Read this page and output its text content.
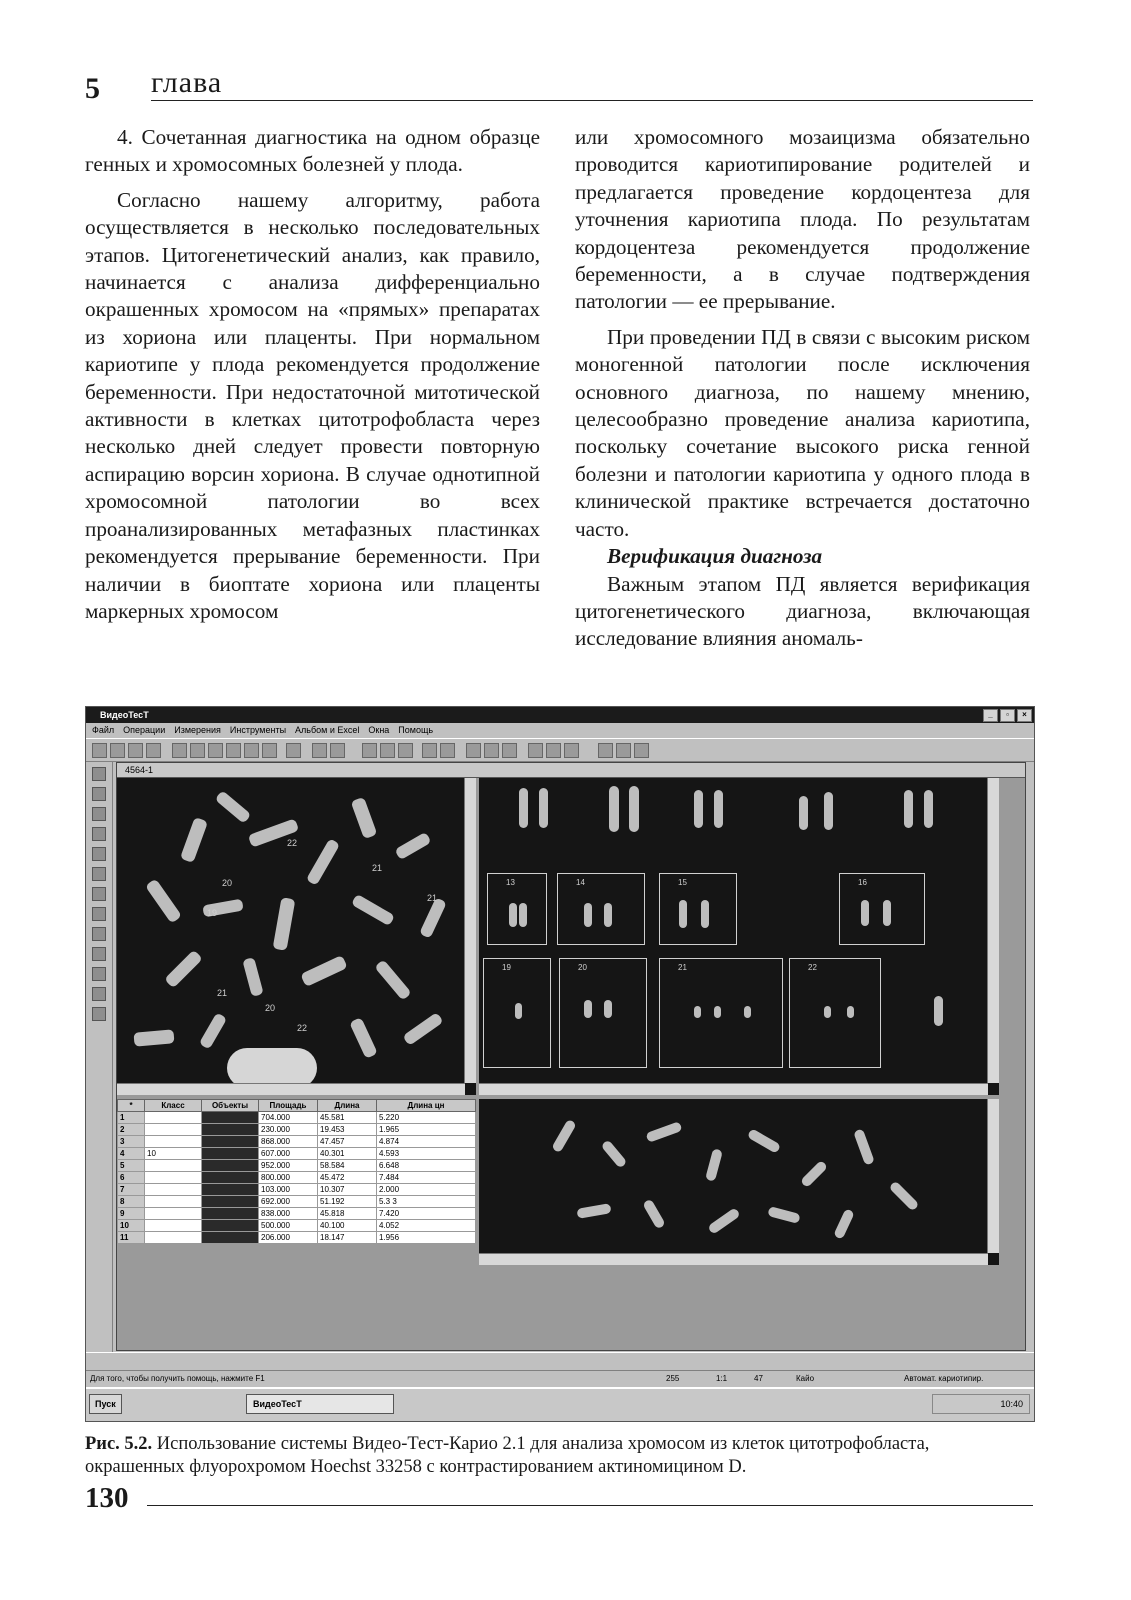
5 глава

4. Сочетанная диагностика на одном образце генных и хромосомных болезней у плода.

Согласно нашему алгоритму, работа осуществляется в несколько последовательных этапов. Цитогенетический анализ, как правило, начинается с анализа дифференциально окрашенных хромосом на «прямых» препаратах из хориона или плаценты. При нормальном кариотипе у плода рекомендуется продолжение беременности. При недостаточной митотической активности в клетках цитотрофобласта через несколько дней следует провести повторную аспирацию ворсин хориона. В случае однотипной хромосомной патологии во всех проанализированных метафазных пластинках рекомендуется прерывание беременности. При наличии в биоптате хориона или плаценты маркерных хромосом

или хромосомного мозаицизма обязательно проводится кариотипирование родителей и предлагается проведение кордоцентеза для уточнения кариотипа плода. По результатам кордоцентеза рекомендуется продолжение беременности, а в случае подтверждения патологии — ее прерывание.

При проведении ПД в связи с высоким риском моногенной патологии после исключения основного диагноза, по нашему мнению, целесообразно проведение анализа кариотипа, поскольку сочетание высокого риска генной болезни и патологии кариотипа у одного плода в клинической практике встречается достаточно часто.

Верификация диагноза

Важным этапом ПД является верификация цитогенетического диагноза, включающая исследование влияния аномаль-

ВидеоТесТ	_	▫	×
Файл Операции Измерения Инструменты Альбом и Excel Окна Помощь
4564-1
22
21
21
20
19
21
20
22
13	14	15	16
19	20	21	22
*	Класс	Объекты	Площадь	Длина	Длина цн
1			704.000	45.581	5.220
2			230.000	19.453	1.965
3			868.000	47.457	4.874
4	10		607.000	40.301	4.593
5			952.000	58.584	6.648
6			800.000	45.472	7.484
7			103.000	10.307	2.000
8			692.000	51.192	5.3 3
9			838.000	45.818	7.420
10			500.000	40.100	4.052
11			206.000	18.147	1.956
Для того, чтобы получить помощь, нажмите F1	255	1:1	47	Кайо	Автомат. кариотипир.
Пуск	ВидеоТесТ	10:40
Рис. 5.2. Использование системы Видео-Тест-Карио 2.1 для анализа хромосом из клеток цитотрофобласта, окрашенных флуорохромом Hoechst 33258 с контрастированием актиномицином D.
130
